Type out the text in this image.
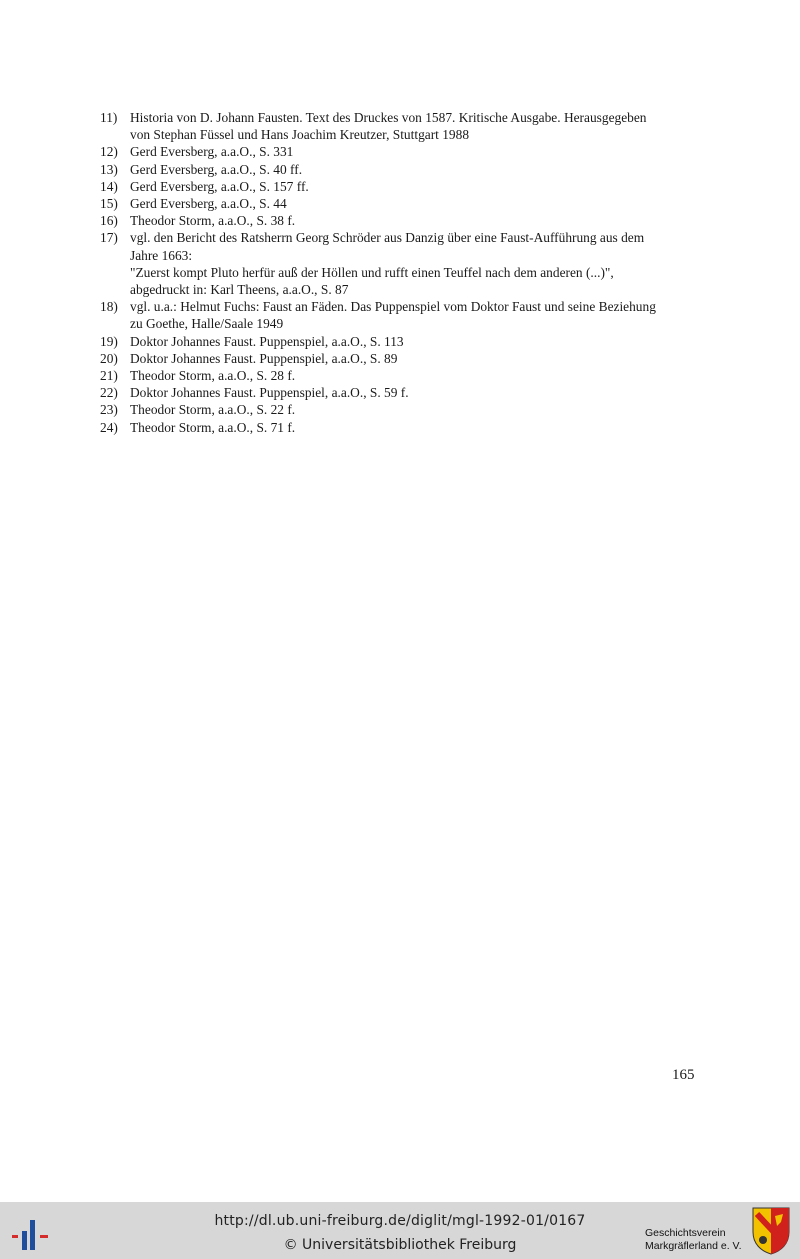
11) Historia von D. Johann Fausten. Text des Druckes von 1587. Kritische Ausgabe. Herausgegeben
von Stephan Füssel und Hans Joachim Kreutzer, Stuttgart 1988
12) Gerd Eversberg, a.a.O., S. 331
13) Gerd Eversberg, a.a.O., S. 40 ff.
14) Gerd Eversberg, a.a.O., S. 157 ff.
15) Gerd Eversberg, a.a.O., S. 44
16) Theodor Storm, a.a.O., S. 38 f.
17) vgl. den Bericht des Ratsherrn Georg Schröder aus Danzig über eine Faust-Aufführung aus dem
Jahre 1663:
"Zuerst kompt Pluto herfür auß der Höllen und rufft einen Teuffel nach dem anderen (...)",
abgedruckt in: Karl Theens, a.a.O., S. 87
18) vgl. u.a.: Helmut Fuchs: Faust an Fäden. Das Puppenspiel vom Doktor Faust und seine Beziehung
zu Goethe, Halle/Saale 1949
19) Doktor Johannes Faust. Puppenspiel, a.a.O., S. 113
20) Doktor Johannes Faust. Puppenspiel, a.a.O., S. 89
21) Theodor Storm, a.a.O., S. 28 f.
22) Doktor Johannes Faust. Puppenspiel, a.a.O., S. 59 f.
23) Theodor Storm, a.a.O., S. 22 f.
24) Theodor Storm, a.a.O., S. 71 f.
165
http://dl.ub.uni-freiburg.de/diglit/mgl-1992-01/0167
© Universitätsbibliothek Freiburg
Geschichtsverein
Markgräflerland e. V.
